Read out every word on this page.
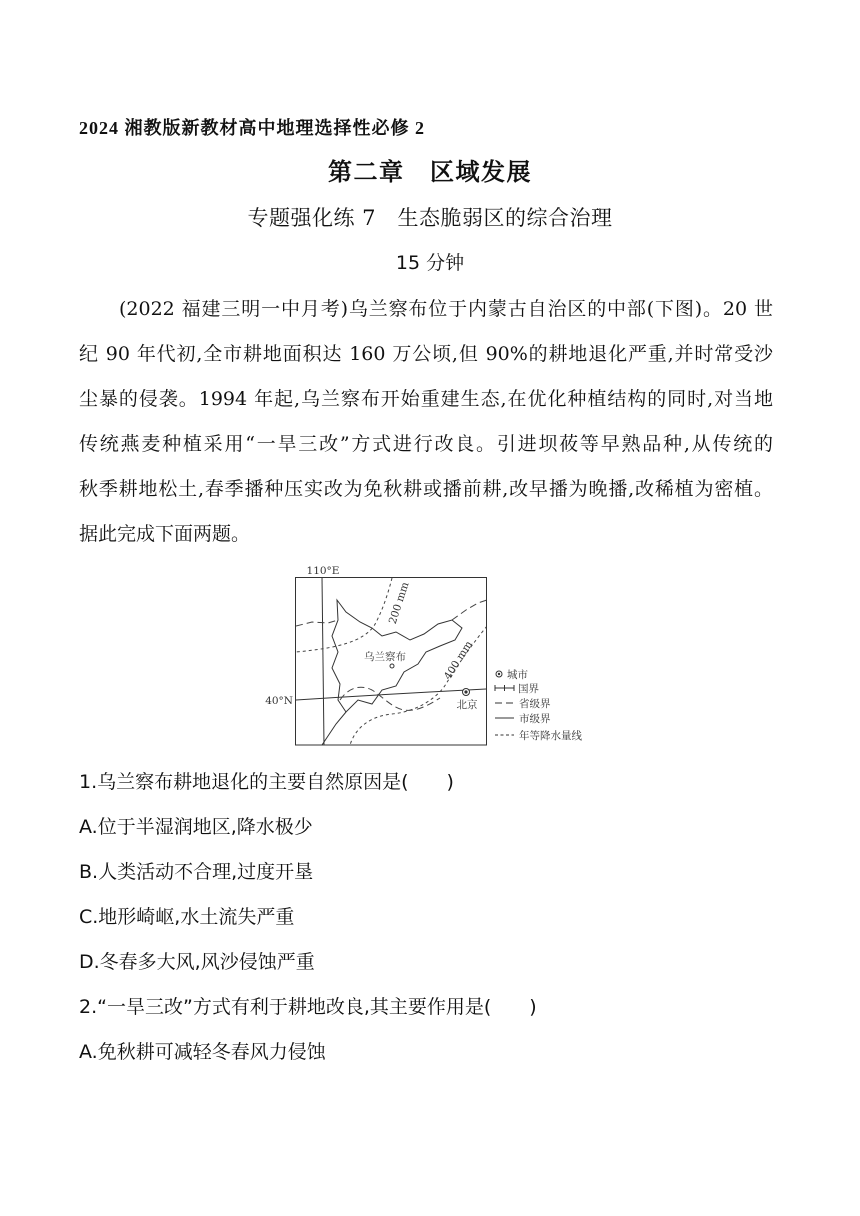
2024 湘教版新教材高中地理选择性必修 2
第二章　区域发展
专题强化练 7　生态脆弱区的综合治理
15 分钟
(2022 福建三明一中月考)乌兰察布位于内蒙古自治区的中部(下图)。20 世
纪 90 年代初,全市耕地面积达 160 万公顷,但 90%的耕地退化严重,并时常受沙
尘暴的侵袭。1994 年起,乌兰察布开始重建生态,在优化种植结构的同时,对当地
传统燕麦种植采用“一旱三改”方式进行改良。引进坝莜等早熟品种,从传统的
秋季耕地松土,春季播种压实改为免秋耕或播前耕,改早播为晚播,改稀植为密植。
据此完成下面两题。
110°E
40°N
乌兰察布
北京
200 mm
400 mm	城市
国界
省级界
市级界
年等降水量线
1.乌兰察布耕地退化的主要自然原因是(　　)
A.位于半湿润地区,降水极少
B.人类活动不合理,过度开垦
C.地形崎岖,水土流失严重
D.冬春多大风,风沙侵蚀严重
2.“一旱三改”方式有利于耕地改良,其主要作用是(　　)
A.免秋耕可减轻冬春风力侵蚀
